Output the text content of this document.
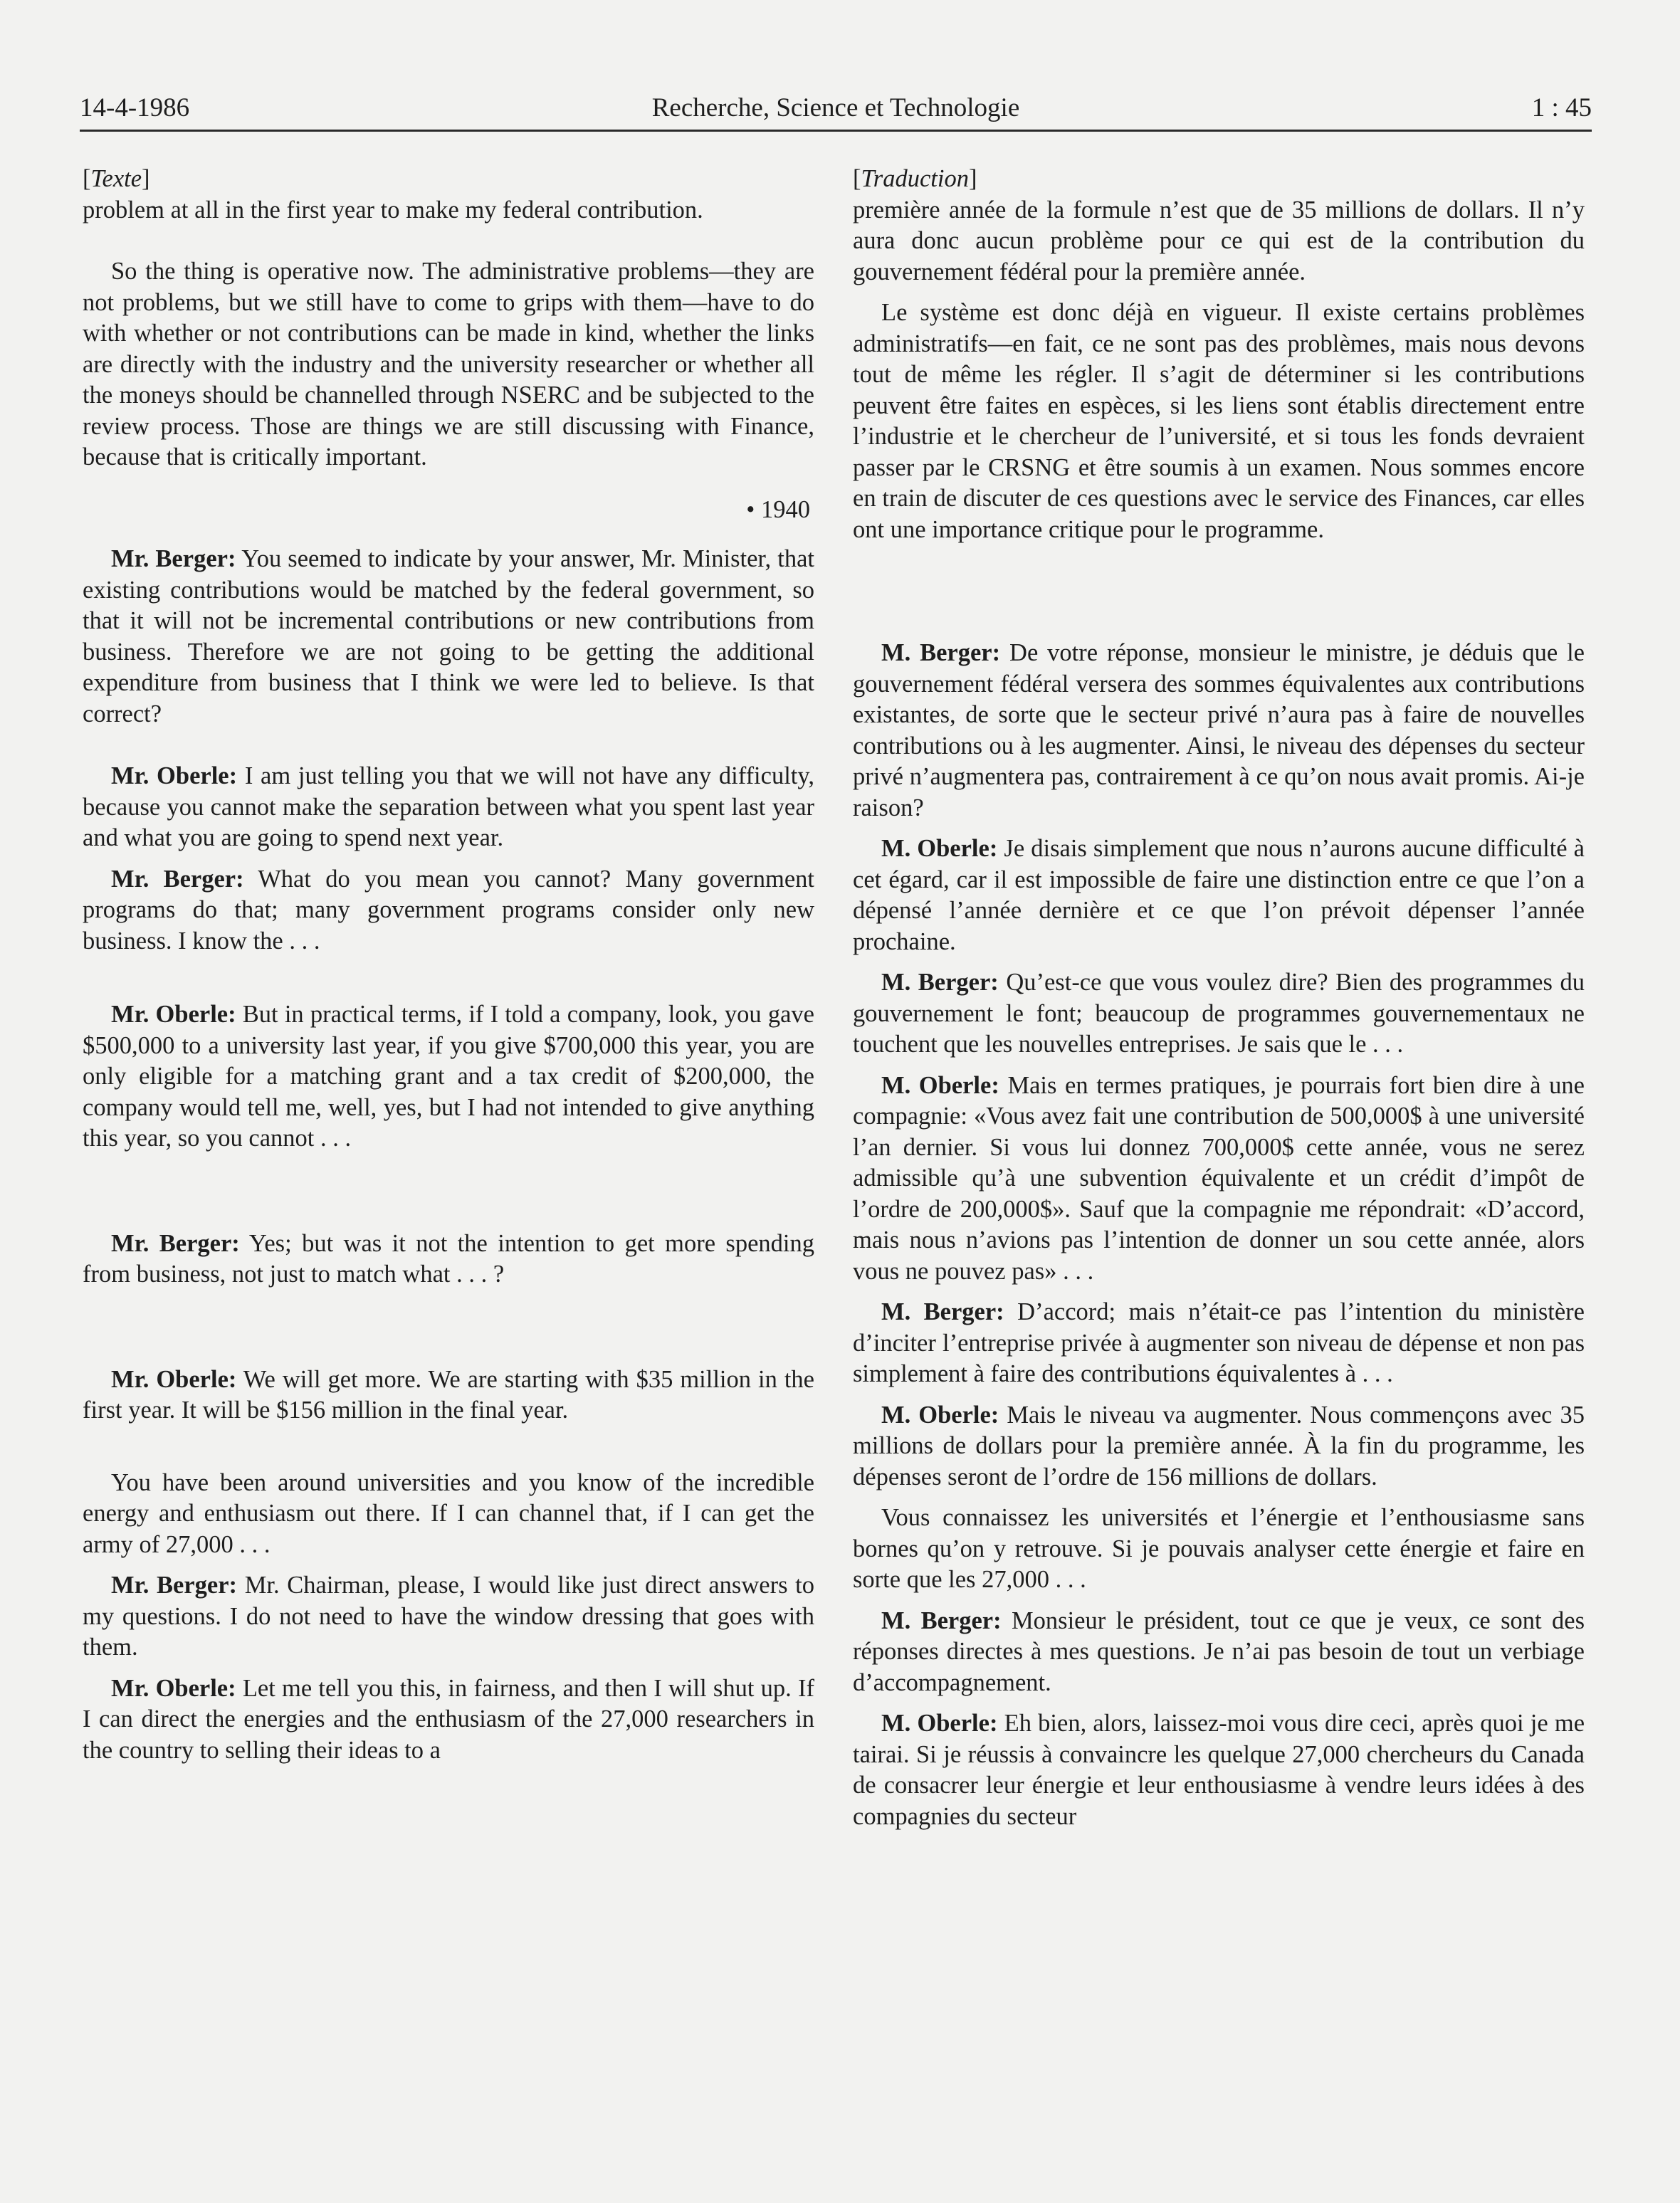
14-4-1986	Recherche, Science et Technologie	1 : 45

[Texte]

problem at all in the first year to make my federal contribution.

So the thing is operative now. The administrative problems—they are not problems, but we still have to come to grips with them—have to do with whether or not contributions can be made in kind, whether the links are directly with the industry and the university researcher or whether all the moneys should be channelled through NSERC and be subjected to the review process. Those are things we are still discussing with Finance, because that is critically important.

• 1940

Mr. Berger: You seemed to indicate by your answer, Mr. Minister, that existing contributions would be matched by the federal government, so that it will not be incremental contributions or new contributions from business. Therefore we are not going to be getting the additional expenditure from business that I think we were led to believe. Is that correct?

Mr. Oberle: I am just telling you that we will not have any difficulty, because you cannot make the separation between what you spent last year and what you are going to spend next year.

Mr. Berger: What do you mean you cannot? Many government programs do that; many government programs consider only new business. I know the . . .

Mr. Oberle: But in practical terms, if I told a company, look, you gave $500,000 to a university last year, if you give $700,000 this year, you are only eligible for a matching grant and a tax credit of $200,000, the company would tell me, well, yes, but I had not intended to give anything this year, so you cannot . . .

Mr. Berger: Yes; but was it not the intention to get more spending from business, not just to match what . . . ?

Mr. Oberle: We will get more. We are starting with $35 million in the first year. It will be $156 million in the final year.

You have been around universities and you know of the incredible energy and enthusiasm out there. If I can channel that, if I can get the army of 27,000 . . .

Mr. Berger: Mr. Chairman, please, I would like just direct answers to my questions. I do not need to have the window dressing that goes with them.

Mr. Oberle: Let me tell you this, in fairness, and then I will shut up. If I can direct the energies and the enthusiasm of the 27,000 researchers in the country to selling their ideas to a

[Traduction]

première année de la formule n’est que de 35 millions de dollars. Il n’y aura donc aucun problème pour ce qui est de la contribution du gouvernement fédéral pour la première année.

Le système est donc déjà en vigueur. Il existe certains problèmes administratifs—en fait, ce ne sont pas des problèmes, mais nous devons tout de même les régler. Il s’agit de déterminer si les contributions peuvent être faites en espèces, si les liens sont établis directement entre l’industrie et le chercheur de l’université, et si tous les fonds devraient passer par le CRSNG et être soumis à un examen. Nous sommes encore en train de discuter de ces questions avec le service des Finances, car elles ont une importance critique pour le programme.

M. Berger: De votre réponse, monsieur le ministre, je déduis que le gouvernement fédéral versera des sommes équivalentes aux contributions existantes, de sorte que le secteur privé n’aura pas à faire de nouvelles contributions ou à les augmenter. Ainsi, le niveau des dépenses du secteur privé n’augmentera pas, contrairement à ce qu’on nous avait promis. Ai-je raison?

M. Oberle: Je disais simplement que nous n’aurons aucune difficulté à cet égard, car il est impossible de faire une distinction entre ce que l’on a dépensé l’année dernière et ce que l’on prévoit dépenser l’année prochaine.

M. Berger: Qu’est-ce que vous voulez dire? Bien des programmes du gouvernement le font; beaucoup de programmes gouvernementaux ne touchent que les nouvelles entreprises. Je sais que le . . .

M. Oberle: Mais en termes pratiques, je pourrais fort bien dire à une compagnie: «Vous avez fait une contribution de 500,000$ à une université l’an dernier. Si vous lui donnez 700,000$ cette année, vous ne serez admissible qu’à une subvention équivalente et un crédit d’impôt de l’ordre de 200,000$». Sauf que la compagnie me répondrait: «D’accord, mais nous n’avions pas l’intention de donner un sou cette année, alors vous ne pouvez pas» . . .

M. Berger: D’accord; mais n’était-ce pas l’intention du ministère d’inciter l’entreprise privée à augmenter son niveau de dépense et non pas simplement à faire des contributions équivalentes à . . .

M. Oberle: Mais le niveau va augmenter. Nous commençons avec 35 millions de dollars pour la première année. À la fin du programme, les dépenses seront de l’ordre de 156 millions de dollars.

Vous connaissez les universités et l’énergie et l’enthousiasme sans bornes qu’on y retrouve. Si je pouvais analyser cette énergie et faire en sorte que les 27,000 . . .

M. Berger: Monsieur le président, tout ce que je veux, ce sont des réponses directes à mes questions. Je n’ai pas besoin de tout un verbiage d’accompagnement.

M. Oberle: Eh bien, alors, laissez-moi vous dire ceci, après quoi je me tairai. Si je réussis à convaincre les quelque 27,000 chercheurs du Canada de consacrer leur énergie et leur enthousiasme à vendre leurs idées à des compagnies du secteur
